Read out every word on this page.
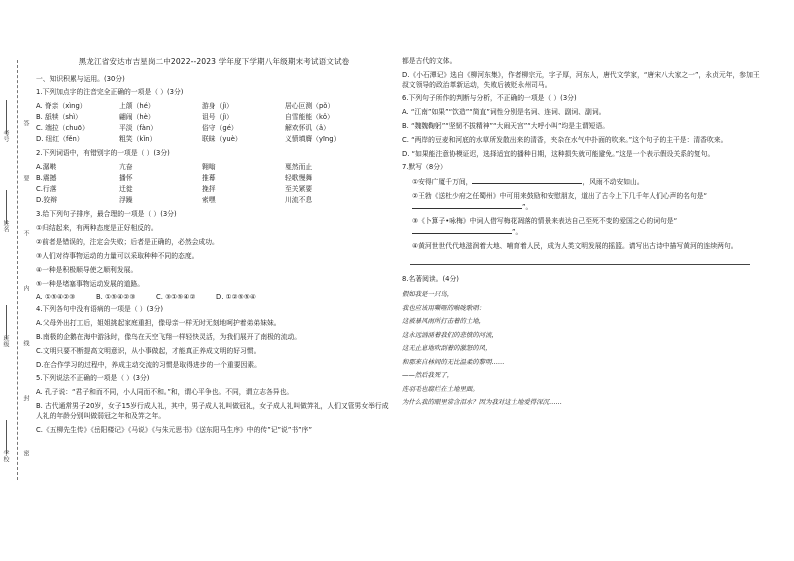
考号
姓名
班级
学校
答
要
不
内
线
封
密
黑龙江省安达市吉星岗二中2022--2023 学年度下学期八年级期末考试语文试卷
一、知识积累与运用。(30分)
1.下列加点字的注音完全正确的一项是（ ）(3分)
A. 脊亲（xìng）	上颌（hé）	游身（jì）	居心叵测（pǒ）
B. 舐犊（shì）	翩闹（hè）	诅号（jì）	自雪能能（kǒ）
C. 端拉（chuō）	平淡（fàn）	俗守（gé）	解欢怀讥（ǎ）
D. 纽红（fěn）	粗笑（kǐn）	联昧（yuè）	义愤填膺（yīng）
2.下列词语中，有错别字的一项是（ ）(3分)
A.潺啭	亢奋	翱嗡	戛然而止
B.震撼	播怀	推幕	轻歌慢舞
C.行落	迁徙	挽抨	至关紧要
D.狡辩	浮躁	索嘿	川流不息
3.给下列句子排序，最合理的一项是（ ）(3分)
①归结起来，有两种态度是正好相反的。
②前者是错误的，注定会失败；后者是正确的，必然会成功。
③人们对待事物运动的力量可以采取种种不同的态度。
④一种是积极顺导使之顺利发展。
⑤一种是堵塞事物运动发展的道路。
A. ①⑤④②③	B. ①⑤④②③	C. ③①⑤④②	D. ①②⑤⑤④
4.下列各句中没有语病的一项是（ ）(3分)
A.父母外出打工后，姐姐挑起家庭重担，像母亲一样无时无刻地呵护着弟弟妹妹。
B.南极的企鹅在海中游泳时，像鸟在天空飞翔一样轻快灵活，为我们展开了南极的流动。
C.文明只要不断提高文明意识，从小事做起，才能真正养成文明的好习惯。
D.在合作学习的过程中，养成主动交流的习惯是取得进步的一个重要因素。
5.下列说法不正确的一项是（ ）(3分)
A. 孔子说：“君子和而不同，小人同而不和。”和，谓心平争也。不同，谓立志各异也。
B. 古代通常男子20岁，女子15岁行成人礼，其中，男子成人礼叫做冠礼，女子成人礼叫做笄礼，人们又管男女举行成人礼的年龄分别叫做弱冠之年和及笄之年。
C.《五柳先生传》《岳阳楼记》《马说》《与朱元思书》《送东阳马生序》中的传”记”说”书”序”
都是古代的文体。
D.《小石潭记》选自《柳河东集》，作者柳宗元，字子厚，河东人，唐代文学家，“唐宋八大家之一”，永贞元年，参加王叔文领导的政治革新运动，失败后被贬永州司马。
6.下列句子所作的判断与分析，不正确的一项是（ ）(3分)
A. “江南”如果”“饮造”“简直”词性分别是名词、连词、副词、副词。
B. “魏魏鞠躬”“坚韧不拔精神”“大闹天宫”“大呼小叫”均是主谓短语。
C. “两岸的豆麦和河底的水草所发散出来的清香，夹杂在水气中扑面的吹来。”这个句子的主干是：清香吹来。
D. “如果能注意协模证迟，选择适宜的播种日期，这种损失就可能避免。”这是一个表示假设关系的复句。
7.默写（8分）
①安得广厦千万间，	，风雨不动安如山。
②王勃《送杜少府之任蜀州》中可用来鼓励和安慰朋友，道出了古今上下几千年人们心声的名句是“”。
③《卜算子•咏梅》中词人借写梅花凋落的情景来表达自己至死不变的爱国之心的词句是“”。
④黄河世世代代地滋润着大地、哺育着人民，成为人类文明发展的摇篮。请写出古诗中描写黄河的连续两句。
8.名著阅读。(4分)
假如我是一只鸟，
我也应该用嘶哑的喉咙歌唱：
这被暴风雨所打击着的土地，
这永远汹涌着我们的悲愤的河流，
这无止息地吹刮着的激怒的风，
和那来自林间的无比温柔的黎明……
——然后我死了，
连羽毛也腐烂在土地里面。
为什么我的眼里常含泪水？因为我对这土地爱得深沉……
